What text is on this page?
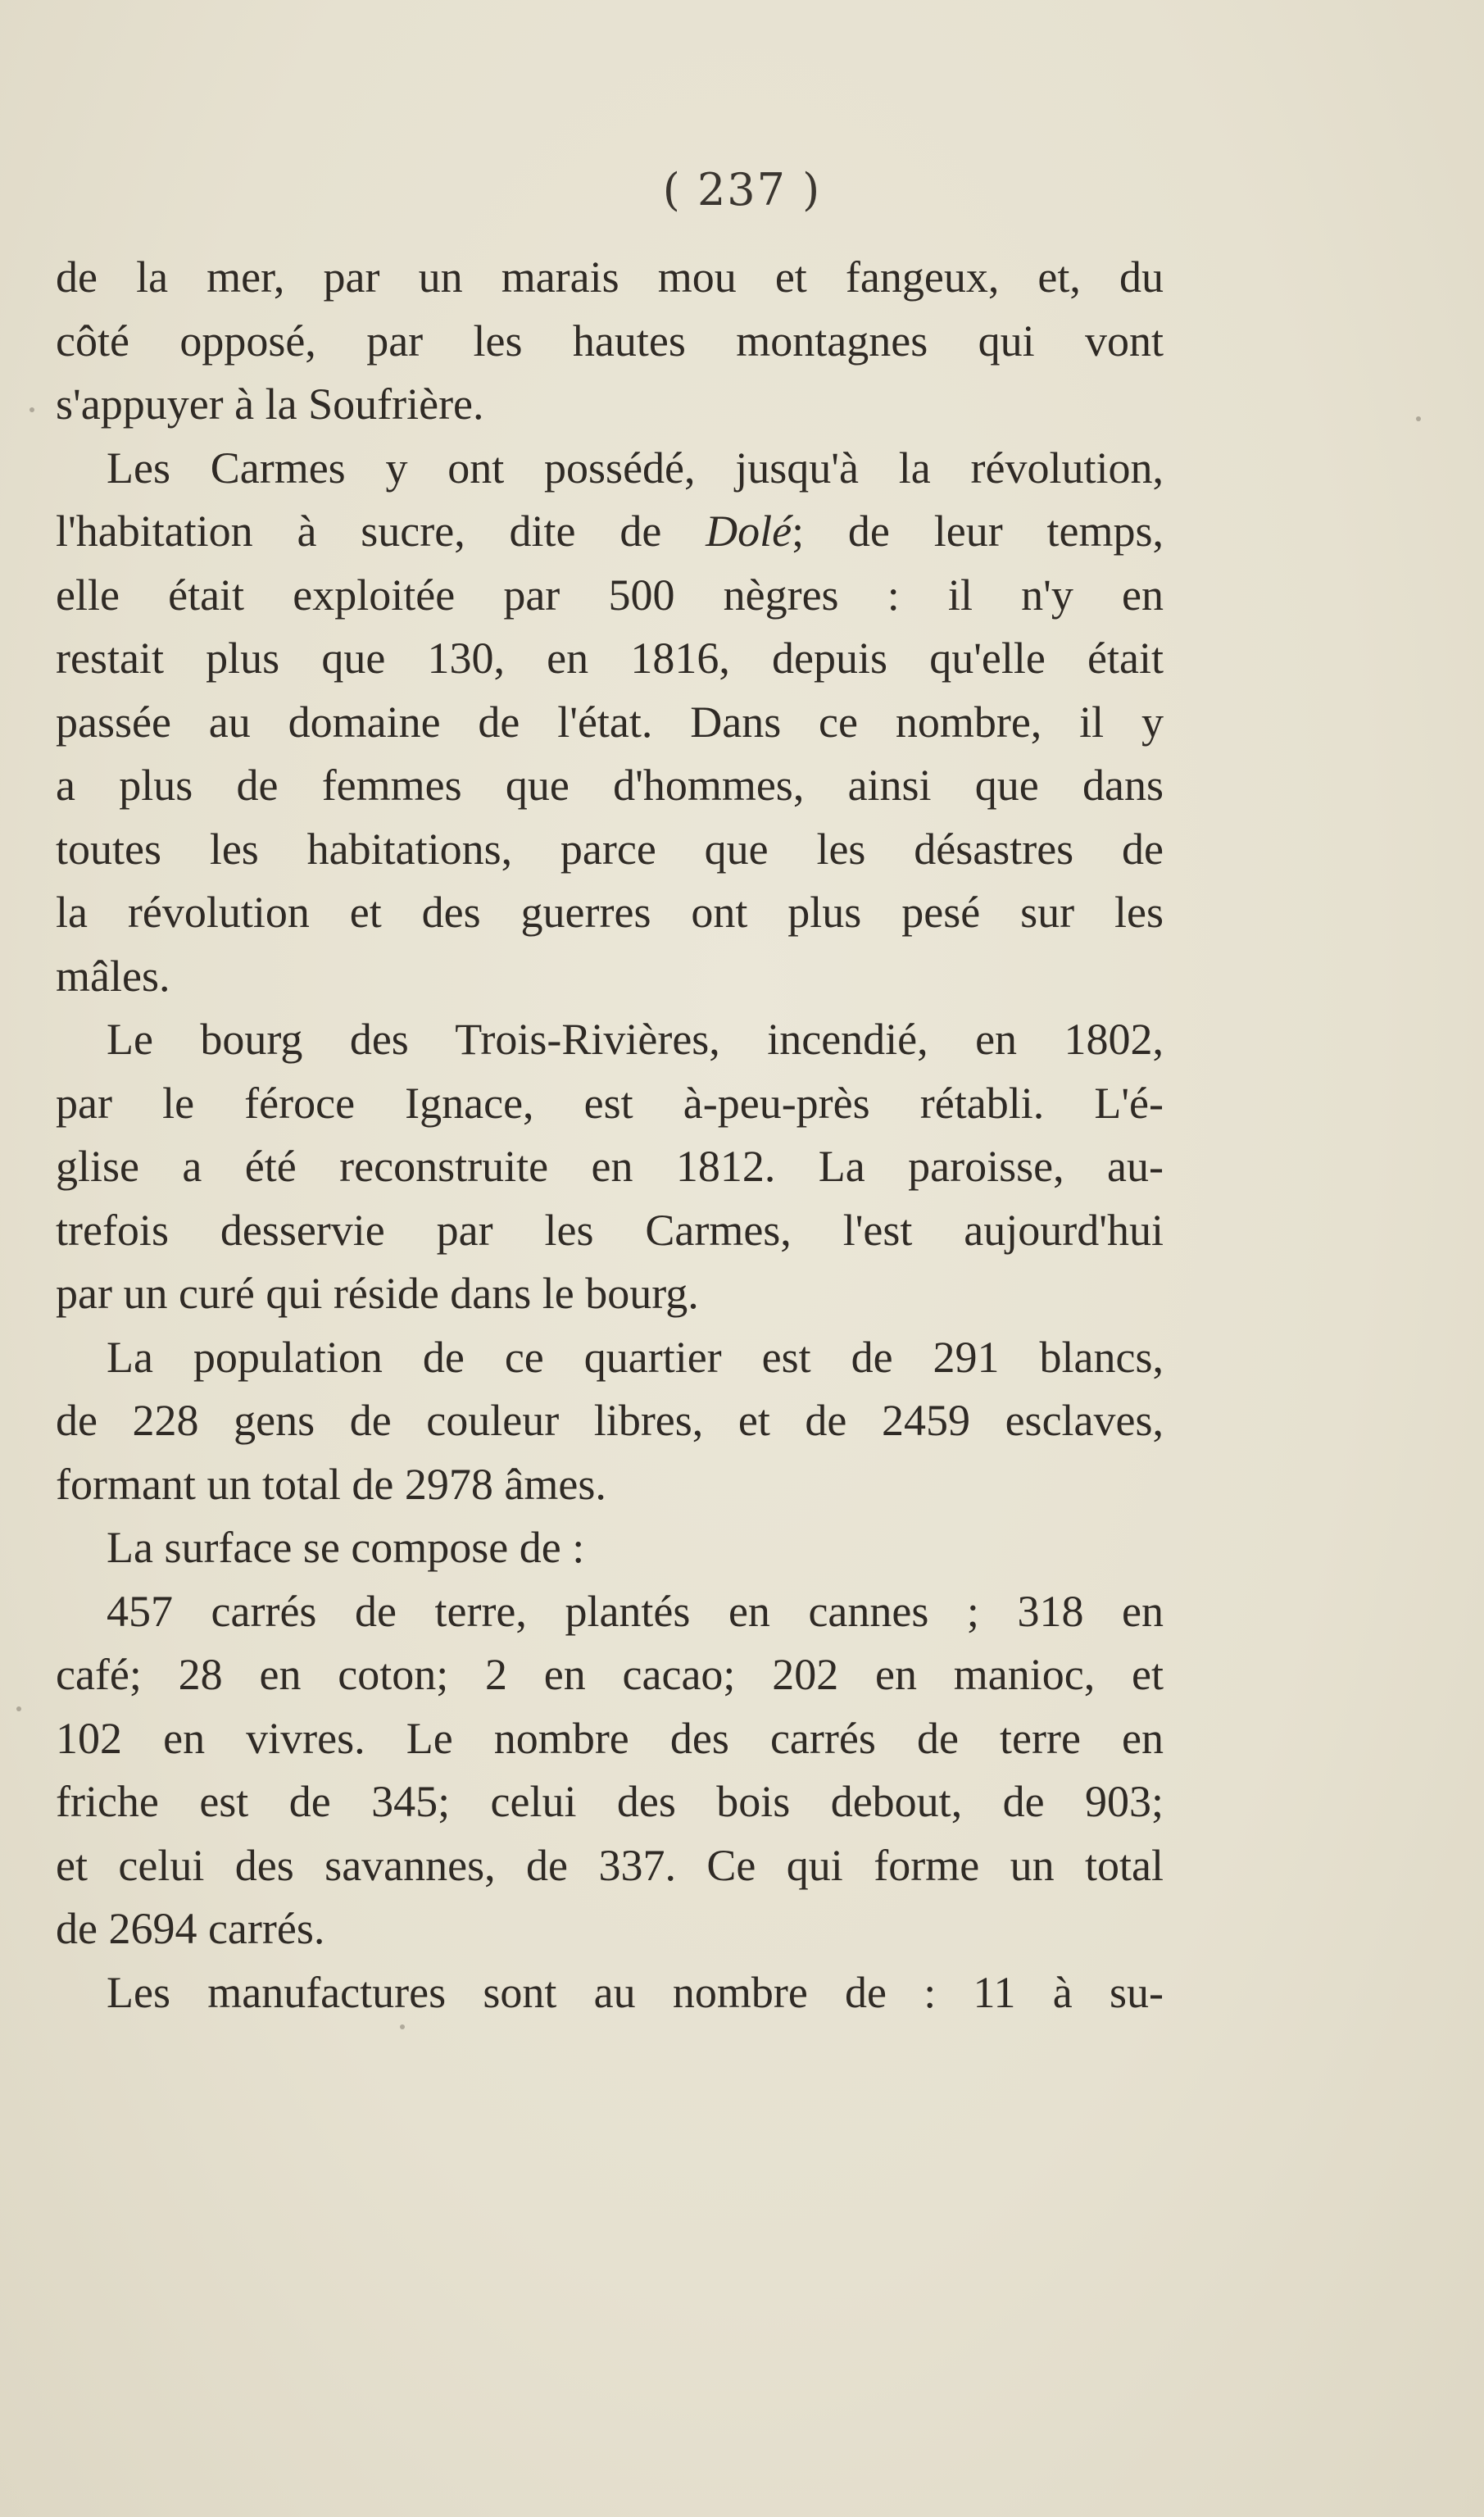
( 237 )
de la mer, par un marais mou et fangeux, et, du
côté opposé, par les hautes montagnes qui vont
s'appuyer à la Soufrière.
Les Carmes y ont possédé, jusqu'à la révolution,
l'habitation à sucre, dite de Dolé; de leur temps,
elle était exploitée par 500 nègres : il n'y en
restait plus que 130, en 1816, depuis qu'elle était
passée au domaine de l'état. Dans ce nombre, il y
a plus de femmes que d'hommes, ainsi que dans
toutes les habitations, parce que les désastres de
la révolution et des guerres ont plus pesé sur les
mâles.
Le bourg des Trois-Rivières, incendié, en 1802,
par le féroce Ignace, est à-peu-près rétabli. L'é-
glise a été reconstruite en 1812. La paroisse, au-
trefois desservie par les Carmes, l'est aujourd'hui
par un curé qui réside dans le bourg.
La population de ce quartier est de 291 blancs,
de 228 gens de couleur libres, et de 2459 esclaves,
formant un total de 2978 âmes.
La surface se compose de :
457 carrés de terre, plantés en cannes ; 318 en
café; 28 en coton; 2 en cacao; 202 en manioc, et
102 en vivres. Le nombre des carrés de terre en
friche est de 345; celui des bois debout, de 903;
et celui des savannes, de 337. Ce qui forme un total
de 2694 carrés.
Les manufactures sont au nombre de : 11 à su-
